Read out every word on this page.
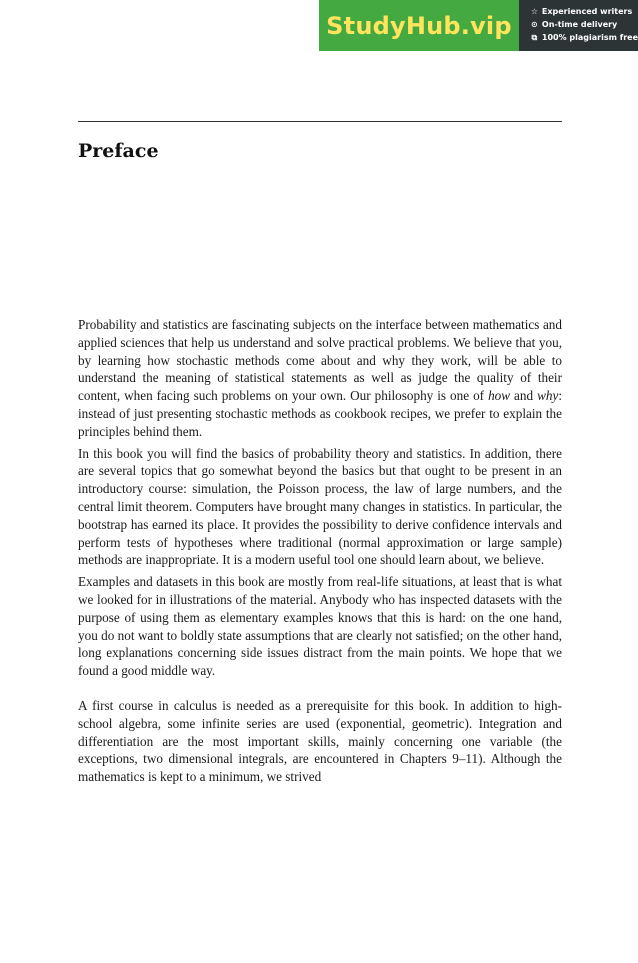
StudyHub.vip ☆ Experienced writers
⊙ On-time delivery
⧉ 100% plagiarism free
Preface

Probability and statistics are fascinating subjects on the interface between mathematics and applied sciences that help us understand and solve practical problems. We believe that you, by learning how stochastic methods come about and why they work, will be able to understand the meaning of statistical statements as well as judge the quality of their content, when facing such problems on your own. Our philosophy is one of how and why: instead of just presenting stochastic methods as cookbook recipes, we prefer to explain the principles behind them.

In this book you will find the basics of probability theory and statistics. In addition, there are several topics that go somewhat beyond the basics but that ought to be present in an introductory course: simulation, the Poisson process, the law of large numbers, and the central limit theorem. Computers have brought many changes in statistics. In particular, the bootstrap has earned its place. It provides the possibility to derive confidence intervals and perform tests of hypotheses where traditional (normal approximation or large sample) methods are inappropriate. It is a modern useful tool one should learn about, we believe.

Examples and datasets in this book are mostly from real-life situations, at least that is what we looked for in illustrations of the material. Anybody who has inspected datasets with the purpose of using them as elementary examples knows that this is hard: on the one hand, you do not want to boldly state assumptions that are clearly not satisfied; on the other hand, long explanations concerning side issues distract from the main points. We hope that we found a good middle way.

A first course in calculus is needed as a prerequisite for this book. In addition to high-school algebra, some infinite series are used (exponential, geometric). Integration and differentiation are the most important skills, mainly concerning one variable (the exceptions, two dimensional integrals, are encountered in Chapters 9–11). Although the mathematics is kept to a minimum, we strived
